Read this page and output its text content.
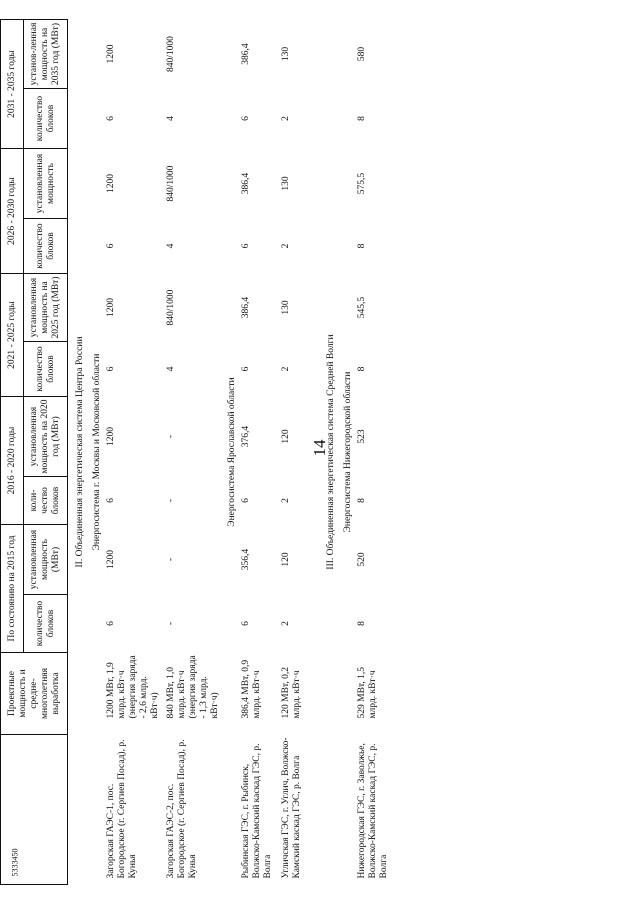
14
5333450
	Проектные мощность и средне-многолетняя выработка	По состоянию на 2015 год		2016 - 2020 годы		2021 - 2025 годы		2026 - 2030 годы		2031 - 2035 годы	
		количество блоков	установленная мощность (МВт)	коли-чество блоков	установленная мощность на 2020 год (МВт)	количество блоков	установленная мощность на 2025 год (МВт)	количество блоков	установленная мощность	количество блоков	установ-ленная мощность на 2035 год (МВт)
II. Объединенная энергетическая система Центра России											
Энергосистема г. Москвы и Московской области											
Загорская ГАЭС-1, пос. Богородское (г. Сергиев Посад), р. Кунья	1200 МВт, 1,9 млрд. кВт·ч (энергия заряда - 2,6 млрд. кВт·ч)	6	1200	6	1200	6	1200	6	1200	6	1200
Загорская ГАЭС-2, пос. Богородское (г. Сергиев Посад), р. Кунья	840 МВт, 1,0 млрд. кВт·ч (энергия заряда - 1,3 млрд. кВт·ч)	-	-	-	-	4	840/1000	4	840/1000	4	840/1000
Энергосистема Ярославской области											
Рыбинская ГЭС, г. Рыбинск, Волжско-Камский каскад ГЭС, р. Волга	386,4 МВт, 0,9 млрд. кВт·ч	6	356,4	6	376,4	6	386,4	6	386,4	6	386,4
Угличская ГЭС, г. Углич, Волжско-Камский каскад ГЭС, р. Волга	120 МВт, 0,2 млрд. кВт·ч	2	120	2	120	2	130	2	130	2	130
III. Объединенная энергетическая система Средней Волги											
Энергосистема Нижегородской области											
Нижегородская ГЭС, г. Заволжье, Волжско-Камский каскад ГЭС, р. Волга	529 МВт, 1,5 млрд. кВт·ч	8	520	8	523	8	545,5	8	575,5	8	580
